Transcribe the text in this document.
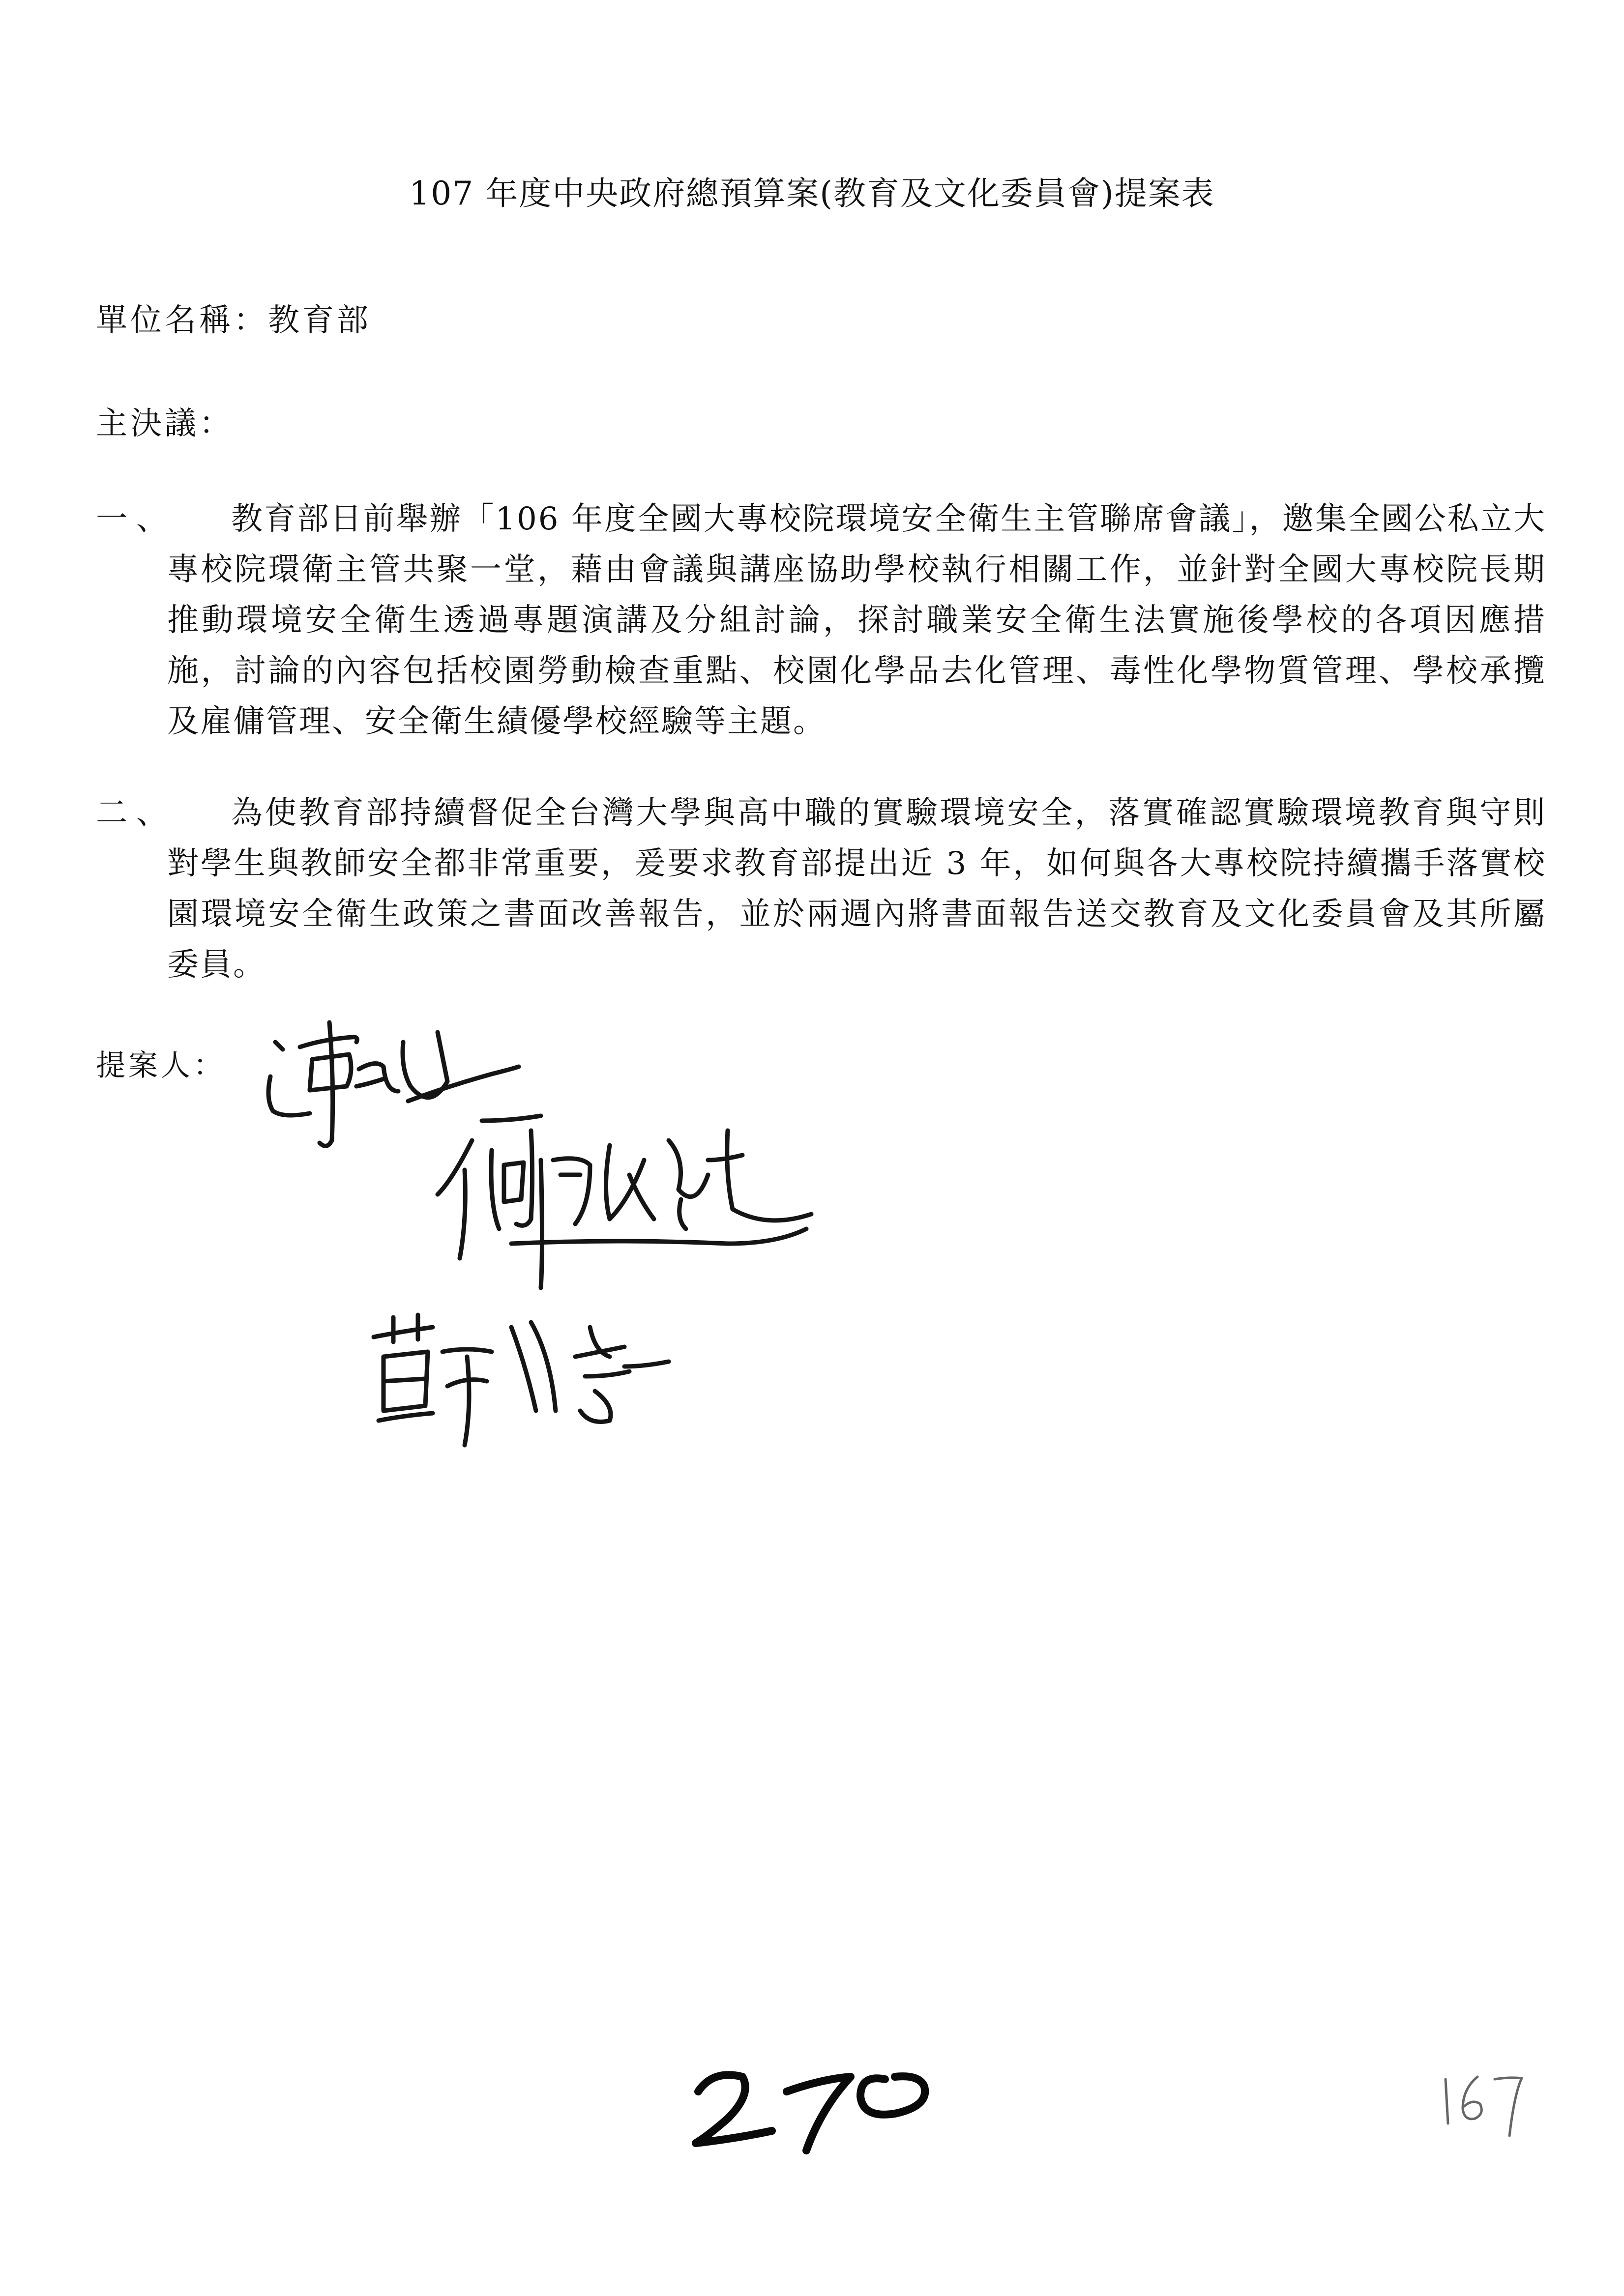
107 年度中央政府總預算案(教育及文化委員會)提案表
單位名稱：教育部
主決議：
一、	教育部日前舉辦「106 年度全國大專校院環境安全衛生主管聯席會議」，邀集全國公私立大專校院環衛主管共聚一堂，藉由會議與講座協助學校執行相關工作，並針對全國大專校院長期推動環境安全衛生透過專題演講及分組討論，探討職業安全衛生法實施後學校的各項因應措施，討論的內容包括校園勞動檢查重點、校園化學品去化管理、毒性化學物質管理、學校承攬及雇傭管理、安全衛生績優學校經驗等主題。
二、	為使教育部持續督促全台灣大學與高中職的實驗環境安全，落實確認實驗環境教育與守則對學生與教師安全都非常重要，爰要求教育部提出近 3 年，如何與各大專校院持續攜手落實校園環境安全衛生政策之書面改善報告，並於兩週內將書面報告送交教育及文化委員會及其所屬委員。
提案人：
